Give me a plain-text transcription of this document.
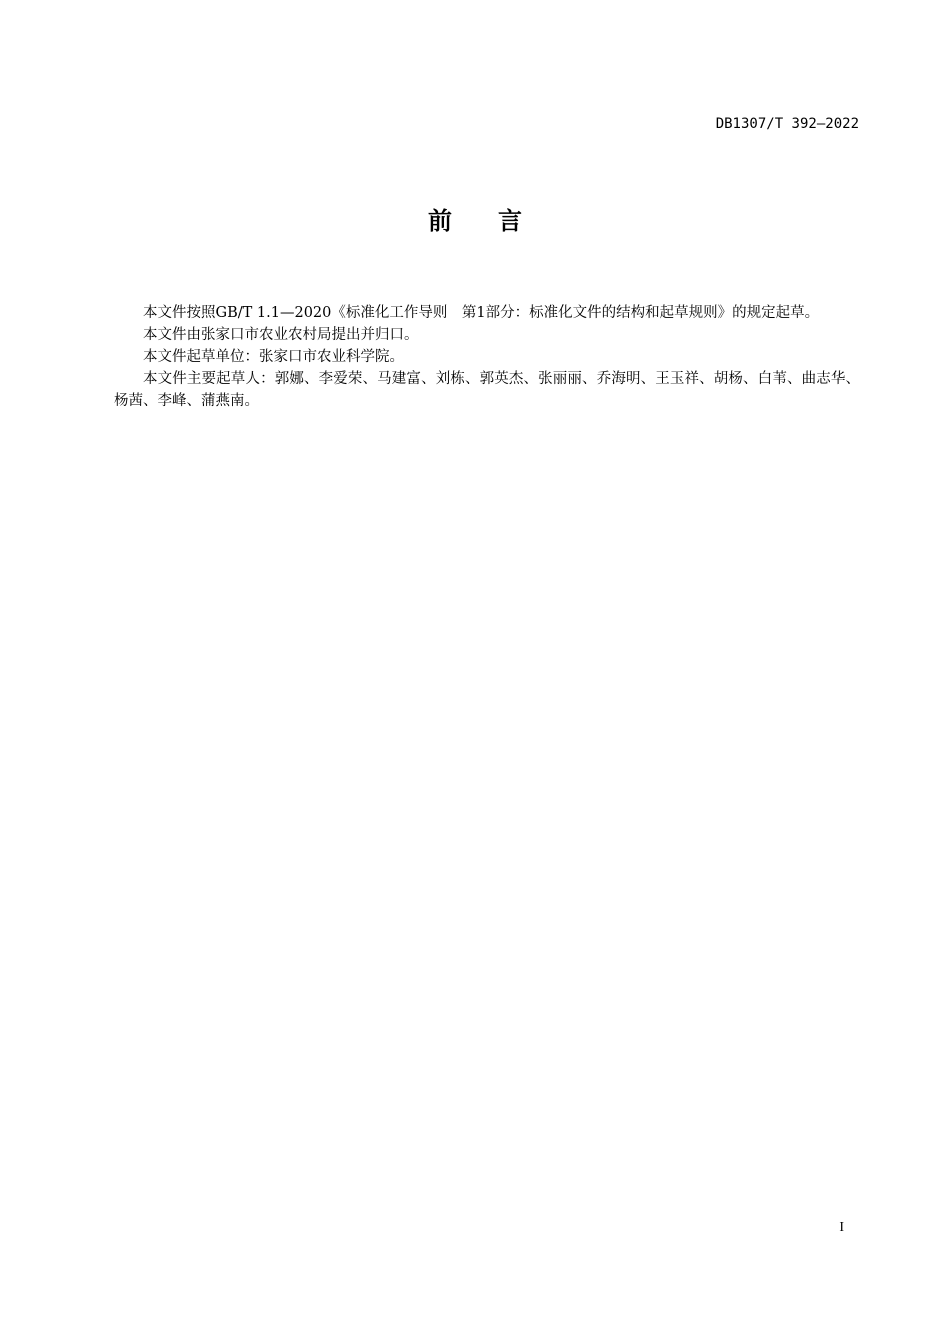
DB1307/T 392—2022
前 言

本文件按照GB/T 1.1—2020《标准化工作导则　第1部分：标准化文件的结构和起草规则》的规定起草。

本文件由张家口市农业农村局提出并归口。

本文件起草单位：张家口市农业科学院。

本文件主要起草人：郭娜、李爱荣、马建富、刘栋、郭英杰、张丽丽、乔海明、王玉祥、胡杨、白苇、曲志华、杨茜、李峰、蒲燕南。

I
